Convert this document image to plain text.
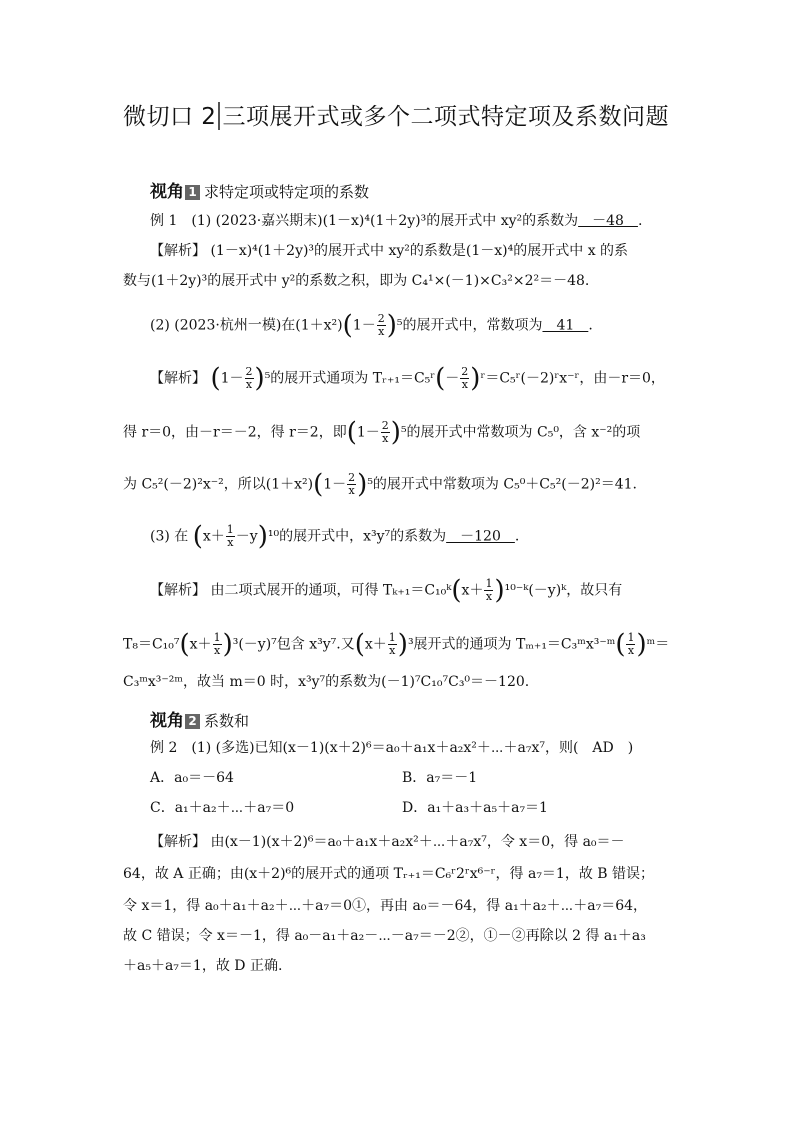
微切口 2 三项展开式或多个二项式特定项及系数问题
视角 1 求特定项或特定项的系数
例 1　(1) (2023·嘉兴期末)(1－x)⁴(1＋2y)³的展开式中 xy²的系数为　－48　.
【解析】 (1－x)⁴(1＋2y)³的展开式中 xy²的系数是(1－x)⁴的展开式中 x 的系
数与(1＋2y)³的展开式中 y²的系数之积，即为 C₄¹×(－1)×C₃²×2²＝－48.
(2) (2023·杭州一模)在$(1+x^2)(1- \frac{2}{x} )^5$的展开式中，常数项为　41　.
【解析】 $(1- \frac{2}{x} )^5$的展开式通项为 Tᵣ₊₁＝C₅ʳ(－ $\frac{2}{x}$ )ʳ＝C₅ʳ(－2)ʳx⁻ʳ，由－r＝0，
得 r＝0，由－r＝－2，得 r＝2，即$(1- \frac{2}{x} )^5$的展开式中常数项为 C₅⁰，含 x⁻²的项
为 C₅²(－2)²x⁻²，所以$(1+x^2)(1- \frac{2}{x} )^5$的展开式中常数项为 C₅⁰＋C₅²(－2)²＝41.
(3) 在 $(x+ \frac{1}{x} -y)^{10}$的展开式中，x³y⁷的系数为　－120　.
【解析】 由二项式展开的通项，可得 Tₖ₊₁＝C₁₀ᵏ(x＋ $\frac{1}{x}$ )¹⁰⁻ᵏ(－y)ᵏ，故只有
$T_8=C_{10}^7(x+ \frac{1}{x} )^3(-y)^7$包含 x³y⁷.又$(x+ \frac{1}{x} )^3$展开式的通项为 Tₘ₊₁＝C₃ᵐx³⁻ᵐ( $\frac{1}{x}$ )ᵐ＝
C₃ᵐx³⁻²ᵐ，故当 m＝0 时，x³y⁷的系数为(－1)⁷C₁₀⁷C₃⁰＝－120.
视角 2 系数和
例 2　(1) (多选)已知(x－1)(x＋2)⁶＝a₀＋a₁x＋a₂x²＋⋯＋a₇x⁷，则(　AD　)
A．a₀＝－64	B．a₇＝－1
C．a₁＋a₂＋⋯＋a₇＝0	D．a₁＋a₃＋a₅＋a₇＝1
【解析】 由(x－1)(x＋2)⁶＝a₀＋a₁x＋a₂x²＋⋯＋a₇x⁷，令 x＝0，得 a₀＝－
64，故 A 正确；由(x＋2)⁶的展开式的通项 Tᵣ₊₁＝C₆ʳ2ʳx⁶⁻ʳ，得 a₇＝1，故 B 错误；
令 x＝1，得 a₀＋a₁＋a₂＋⋯＋a₇＝0①，再由 a₀＝－64，得 a₁＋a₂＋⋯＋a₇＝64，
故 C 错误；令 x＝－1，得 a₀－a₁＋a₂－⋯－a₇＝－2②，①－②再除以 2 得 a₁＋a₃
＋a₅＋a₇＝1，故 D 正确.
